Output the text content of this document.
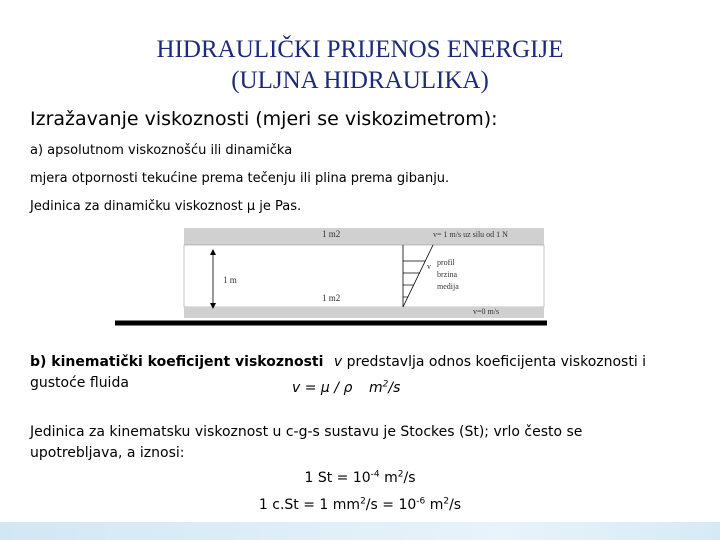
HIDRAULIČKI PRIJENOS ENERGIJE
(ULJNA HIDRAULIKA)
Izražavanje viskoznosti (mjeri se viskozimetrom):
a) apsolutnom viskoznošću ili dinamička
mjera otpornosti tekućine prema tečenju ili plina prema gibanju.
Jedinica za dinamičku viskoznost μ je Pas.
1 m2
1 m2
1 m
v= 1 m/s uz silu od 1 N
v=0 m/s
v profil
brzina
medija
b) kinematički koeficijent viskoznosti v predstavlja odnos koeficijenta viskoznosti i
gustoće fluida	v = μ / ρ $m^2/s$
Jedinica za kinematsku viskoznost u c-g-s sustavu je Stockes (St); vrlo često se
upotrebljava, a iznosi:
1 $St = 10^{-4}$ $m^2/s$
1 c.St = 1 $mm^2/s = 10^{-6}$ $m^2/s$
